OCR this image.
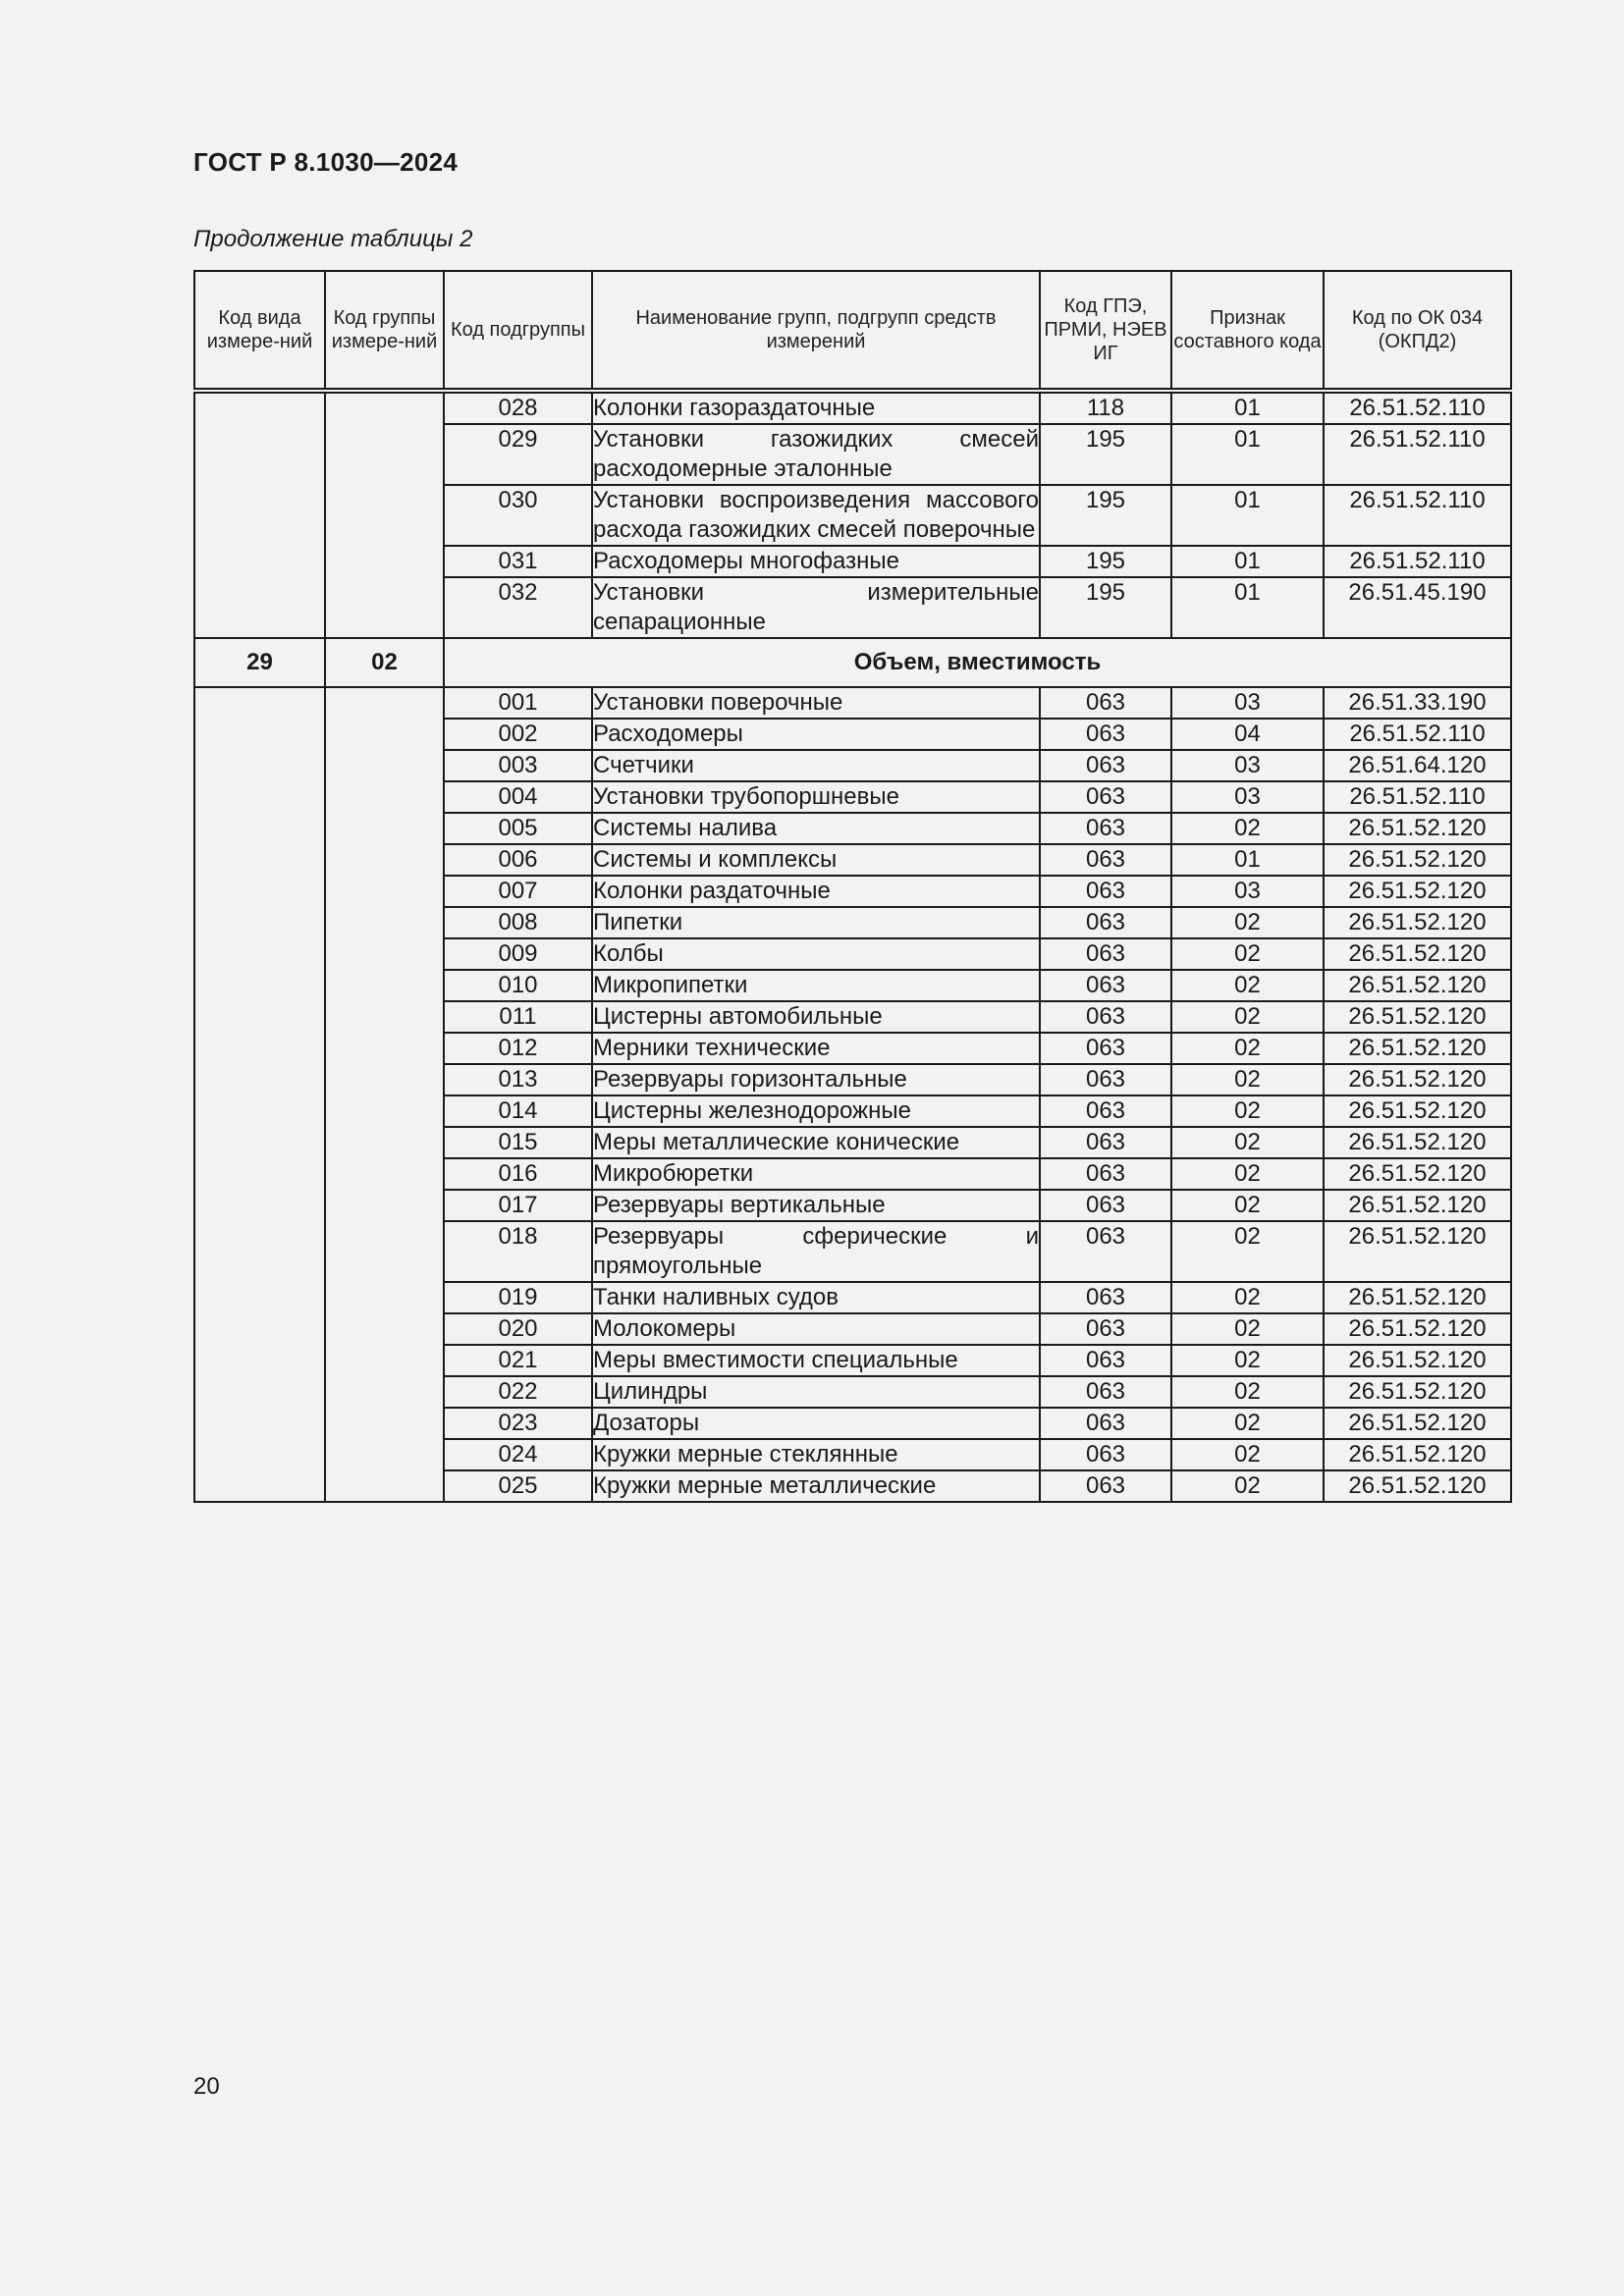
ГОСТ Р 8.1030—2024
Продолжение таблицы 2
Код вида измере-ний	Код группы измере-ний	Код подгруппы	Наименование групп, подгрупп средств измерений	Код ГПЭ, ПРМИ, НЭЕВ ИГ	Признак составного кода	Код по ОК 034 (ОКПД2)
		028	Колонки газораздаточные	118	01	26.51.52.110
		029	Установки газожидких смесей расходомерные эталонные	195	01	26.51.52.110
		030	Установки воспроизведения массового расхода газожидких смесей поверочные	195	01	26.51.52.110
		031	Расходомеры многофазные	195	01	26.51.52.110
		032	Установки измерительные сепарационные	195	01	26.51.45.190
29	02	Объем, вместимость				
		001	Установки поверочные	063	03	26.51.33.190
		002	Расходомеры	063	04	26.51.52.110
		003	Счетчики	063	03	26.51.64.120
		004	Установки трубопоршневые	063	03	26.51.52.110
		005	Системы налива	063	02	26.51.52.120
		006	Системы и комплексы	063	01	26.51.52.120
		007	Колонки раздаточные	063	03	26.51.52.120
		008	Пипетки	063	02	26.51.52.120
		009	Колбы	063	02	26.51.52.120
		010	Микропипетки	063	02	26.51.52.120
		011	Цистерны автомобильные	063	02	26.51.52.120
		012	Мерники технические	063	02	26.51.52.120
		013	Резервуары горизонтальные	063	02	26.51.52.120
		014	Цистерны железнодорожные	063	02	26.51.52.120
		015	Меры металлические конические	063	02	26.51.52.120
		016	Микробюретки	063	02	26.51.52.120
		017	Резервуары вертикальные	063	02	26.51.52.120
		018	Резервуары сферические и прямоугольные	063	02	26.51.52.120
		019	Танки наливных судов	063	02	26.51.52.120
		020	Молокомеры	063	02	26.51.52.120
		021	Меры вместимости специальные	063	02	26.51.52.120
		022	Цилиндры	063	02	26.51.52.120
		023	Дозаторы	063	02	26.51.52.120
		024	Кружки мерные стеклянные	063	02	26.51.52.120
		025	Кружки мерные металлические	063	02	26.51.52.120
20
